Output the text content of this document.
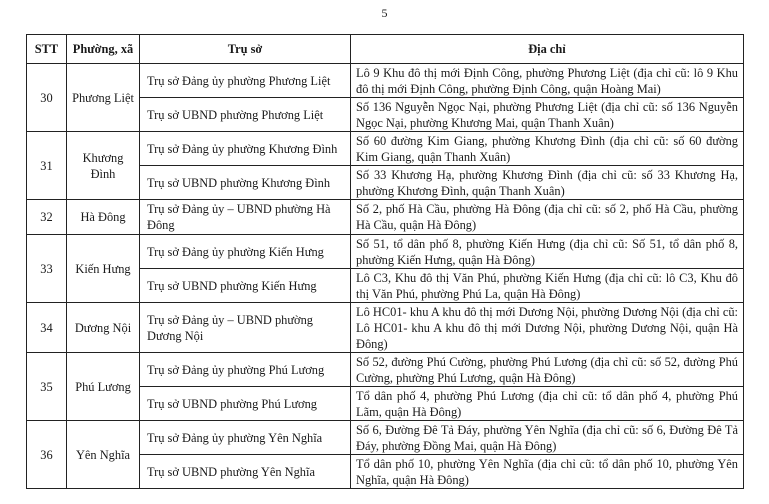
5
STT	Phường, xã	Trụ sở	Địa chỉ
30	Phương Liệt	Trụ sở Đảng ủy phường Phương Liệt	Lô 9 Khu đô thị mới Định Công, phường Phương Liệt (địa chỉ cũ: lô 9 Khu đô thị mới Định Công, phường Định Công, quận Hoàng Mai)
		Trụ sở UBND phường Phương Liệt	Số 136 Nguyễn Ngọc Nại, phường Phương Liệt (địa chỉ cũ: số 136 Nguyễn Ngọc Nại, phường Khương Mai, quận Thanh Xuân)
31	Khương Đình	Trụ sở Đảng ủy phường Khương Đình	Số 60 đường Kim Giang, phường Khương Đình (địa chỉ cũ: số 60 đường Kim Giang, quận Thanh Xuân)
		Trụ sở UBND phường Khương Đình	Số 33 Khương Hạ, phường Khương Đình (địa chỉ cũ: số 33 Khương Hạ, phường Khương Đình, quận Thanh Xuân)
32	Hà Đông	Trụ sở Đảng ủy – UBND phường Hà Đông	Số 2, phố Hà Cầu, phường Hà Đông (địa chỉ cũ: số 2, phố Hà Cầu, phường Hà Cầu, quận Hà Đông)
33	Kiến Hưng	Trụ sở Đảng ủy phường Kiến Hưng	Số 51, tổ dân phố 8, phường Kiến Hưng (địa chỉ cũ: Số 51, tổ dân phố 8, phường Kiến Hưng, quận Hà Đông)
		Trụ sở UBND phường Kiến Hưng	Lô C3, Khu đô thị Văn Phú, phường Kiến Hưng (địa chỉ cũ: lô C3, Khu đô thị Văn Phú, phường Phú La, quận Hà Đông)
34	Dương Nội	Trụ sở Đảng ủy – UBND phường Dương Nội	Lô HC01- khu A khu đô thị mới Dương Nội, phường Dương Nội (địa chỉ cũ: Lô HC01- khu A khu đô thị mới Dương Nội, phường Dương Nội, quận Hà Đông)
35	Phú Lương	Trụ sở Đảng ủy phường Phú Lương	Số 52, đường Phú Cường, phường Phú Lương (địa chỉ cũ: số 52, đường Phú Cường, phường Phú Lương, quận Hà Đông)
		Trụ sở UBND phường Phú Lương	Tổ dân phố 4, phường Phú Lương (địa chỉ cũ: tổ dân phố 4, phường Phú Lãm, quận Hà Đông)
36	Yên Nghĩa	Trụ sở Đảng ủy phường Yên Nghĩa	Số 6, Đường Đê Tả Đáy, phường Yên Nghĩa (địa chỉ cũ: số 6, Đường Đê Tả Đáy, phường Đồng Mai, quận Hà Đông)
		Trụ sở UBND phường Yên Nghĩa	Tổ dân phố 10, phường Yên Nghĩa (địa chỉ cũ: tổ dân phố 10, phường Yên Nghĩa, quận Hà Đông)
